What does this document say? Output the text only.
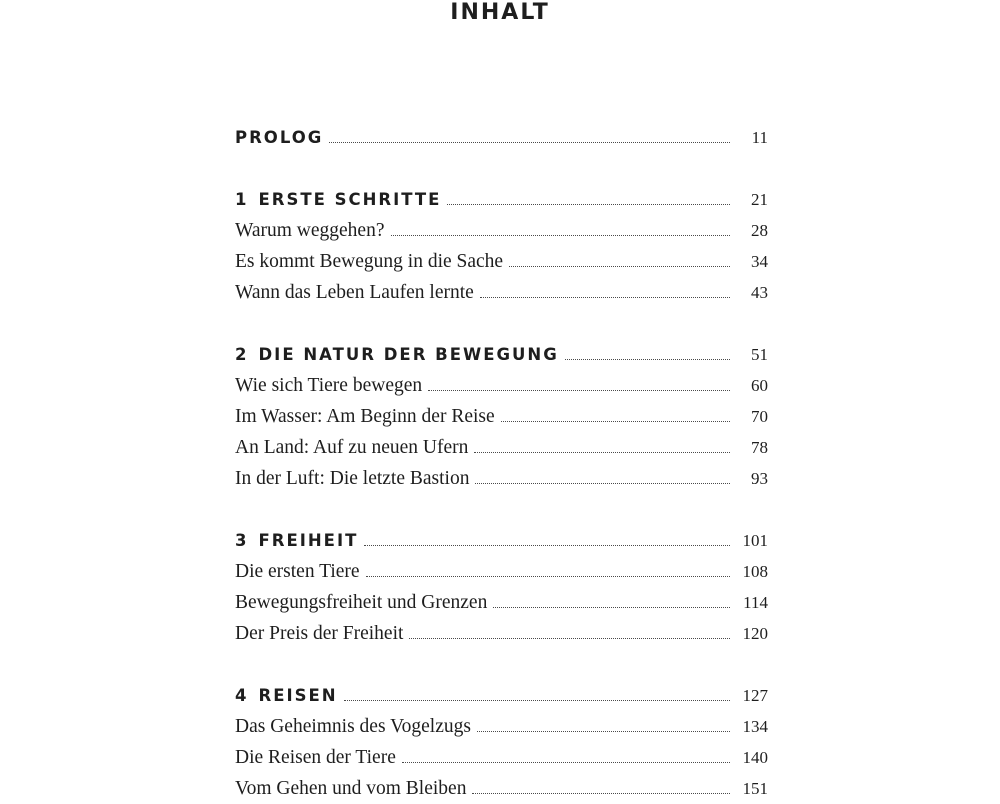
INHALT
PROLOG	11
1 ERSTE SCHRITTE	21
Warum weggehen?	28
Es kommt Bewegung in die Sache	34
Wann das Leben Laufen lernte	43
2 DIE NATUR DER BEWEGUNG	51
Wie sich Tiere bewegen	60
Im Wasser: Am Beginn der Reise	70
An Land: Auf zu neuen Ufern	78
In der Luft: Die letzte Bastion	93
3 FREIHEIT	101
Die ersten Tiere	108
Bewegungsfreiheit und Grenzen	114
Der Preis der Freiheit	120
4 REISEN	127
Das Geheimnis des Vogelzugs	134
Die Reisen der Tiere	140
Vom Gehen und vom Bleiben	151
